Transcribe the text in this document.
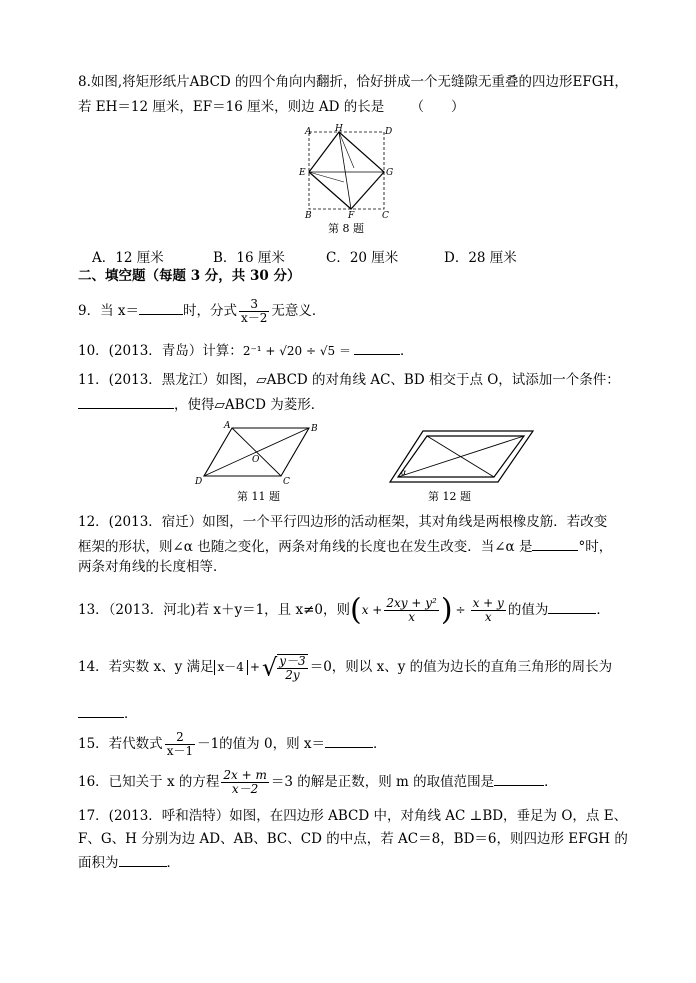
8.如图,将矩形纸片ABCD 的四个角向内翻折，恰好拼成一个无缝隙无重叠的四边形EFGH，
若 EH＝12 厘米，EF＝16 厘米，则边 AD 的长是 （　　）
A	H	D
E	G
B	F	C
第 8 题
A．12 厘米	B．16 厘米	C．20 厘米	D．28 厘米
二、填空题（每题 3 分，共 30 分）
9．当 x＝	时，分式 $\frac{3}{x-2}$ 无意义．
10．(2013．青岛）计算：2⁻¹ + √20 ÷ √5 ＝	．
11．(2013．黑龙江）如图，▱ABCD 的对角线 AC、BD 相交于点 O，试添加一个条件：
，使得▱ABCD 为菱形．
A	B
C
D
O
第 11 题
α
第 12 题
12．(2013．宿迁）如图，一个平行四边形的活动框架，其对角线是两根橡皮筋．若改变
框架的形状，则∠α 也随之变化，两条对角线的长度也在发生改变．当∠α 是	°时，
两条对角线的长度相等．
13．（2013．河北)若 x＋y＝1，且 x≠0，则($x + \frac{\text{2xy + y²}}{x}$ ) ÷ $\frac{x + y}{x}$ 的值为	．
14．若实数 x、y 满足 x－4 +√ $\frac{y-3}{2y} =0$，则以 x、y 的值为边长的直角三角形的周长为
．
15．若代数式 $\frac{2}{x-1} -1$的值为 0，则 x＝	．
16．已知关于 x 的方程 $\frac{2x + m}{x-2} =3$ 的解是正数，则 m 的取值范围是	．
17．(2013．呼和浩特）如图，在四边形 ABCD 中，对角线 AC ⊥BD，垂足为 O，点 E、
F、G、H 分别为边 AD、AB、BC、CD 的中点，若 AC＝8，BD＝6，则四边形 EFGH 的
面积为	．
